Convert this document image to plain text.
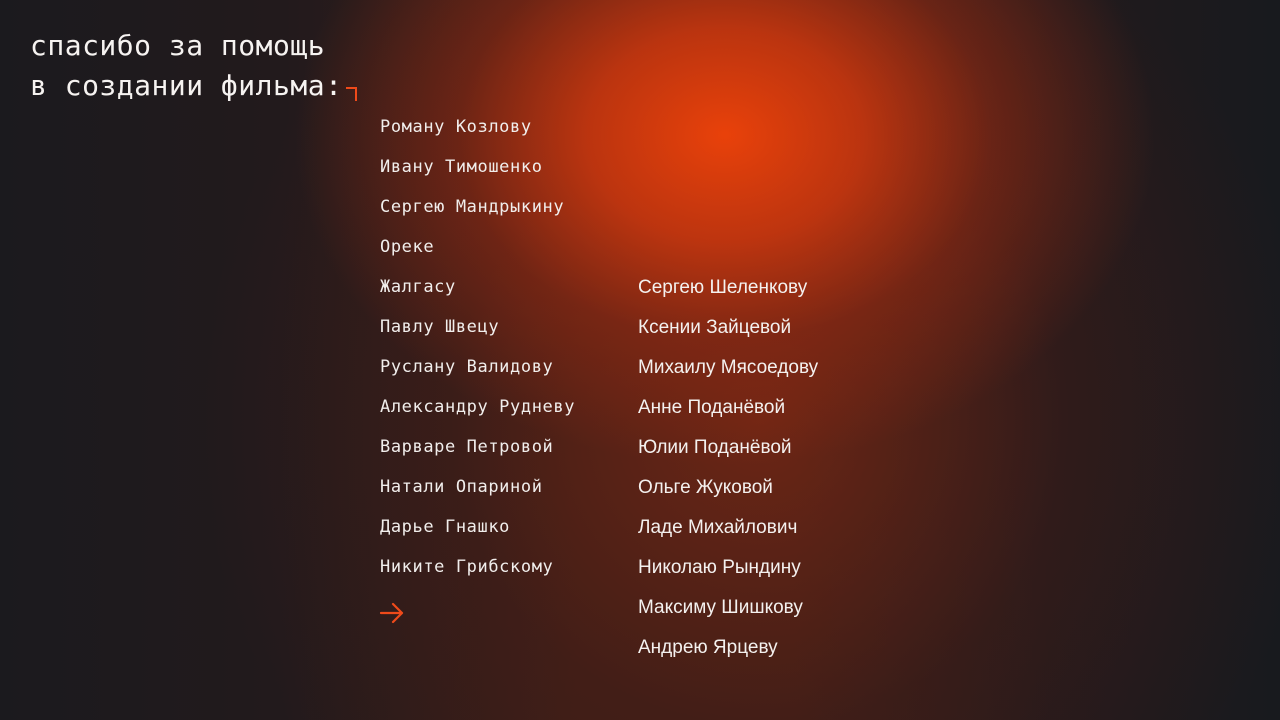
спасибо за помощь
в создании фильма:
Роману Козлову
Ивану Тимошенко
Сергею Мандрыкину
Ореке
Жалгасу
Павлу Швецу
Руслану Валидову
Александру Рудневу
Варваре Петровой
Натали Опариной
Дарье Гнашко
Никите Грибскому
Сергею Шеленкову
Ксении Зайцевой
Михаилу Мясоедову
Анне Поданёвой
Юлии Поданёвой
Ольге Жуковой
Ладе Михайлович
Николаю Рындину
Максиму Шишкову
Андрею Ярцеву
